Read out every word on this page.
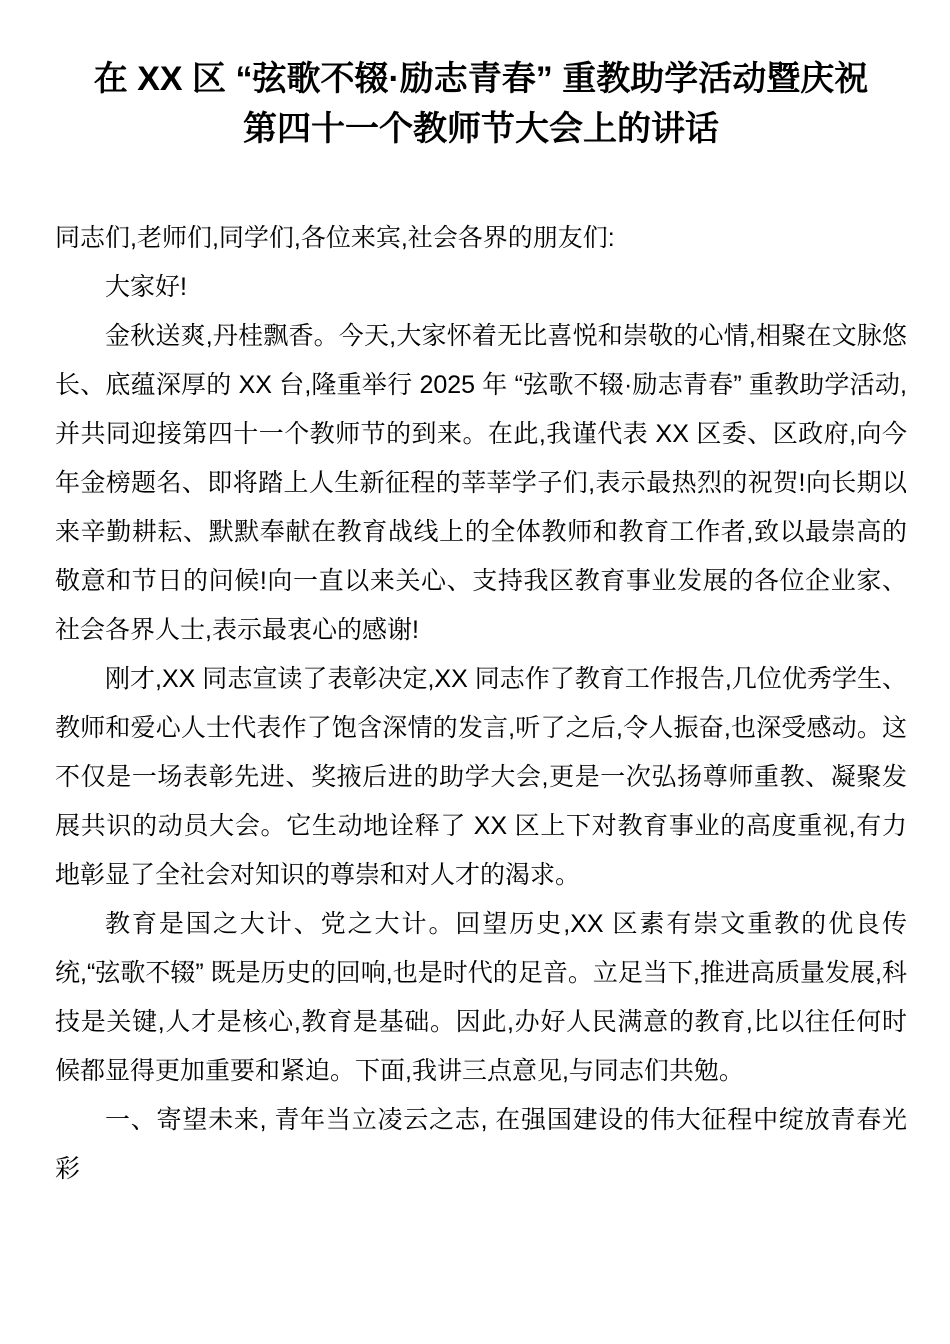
在 XX 区 “弦歌不辍·励志青春” 重教助学活动暨庆祝
第四十一个教师节大会上的讲话

同志们,老师们,同学们,各位来宾,社会各界的朋友们:

大家好!

金秋送爽,丹桂飘香。今天,大家怀着无比喜悦和崇敬的心情,相聚在文脉悠长、底蕴深厚的 XX 台,隆重举行 2025 年 “弦歌不辍·励志青春” 重教助学活动,并共同迎接第四十一个教师节的到来。在此,我谨代表 XX 区委、区政府,向今年金榜题名、即将踏上人生新征程的莘莘学子们,表示最热烈的祝贺!向长期以来辛勤耕耘、默默奉献在教育战线上的全体教师和教育工作者,致以最崇高的敬意和节日的问候!向一直以来关心、支持我区教育事业发展的各位企业家、社会各界人士,表示最衷心的感谢!

刚才,XX 同志宣读了表彰决定,XX 同志作了教育工作报告,几位优秀学生、教师和爱心人士代表作了饱含深情的发言,听了之后,令人振奋,也深受感动。这不仅是一场表彰先进、奖掖后进的助学大会,更是一次弘扬尊师重教、凝聚发展共识的动员大会。它生动地诠释了 XX 区上下对教育事业的高度重视,有力地彰显了全社会对知识的尊崇和对人才的渴求。

教育是国之大计、党之大计。回望历史,XX 区素有崇文重教的优良传统,“弦歌不辍” 既是历史的回响,也是时代的足音。立足当下,推进高质量发展,科技是关键,人才是核心,教育是基础。因此,办好人民满意的教育,比以往任何时候都显得更加重要和紧迫。下面,我讲三点意见,与同志们共勉。

一、寄望未来, 青年当立凌云之志, 在强国建设的伟大征程中绽放青春光彩
